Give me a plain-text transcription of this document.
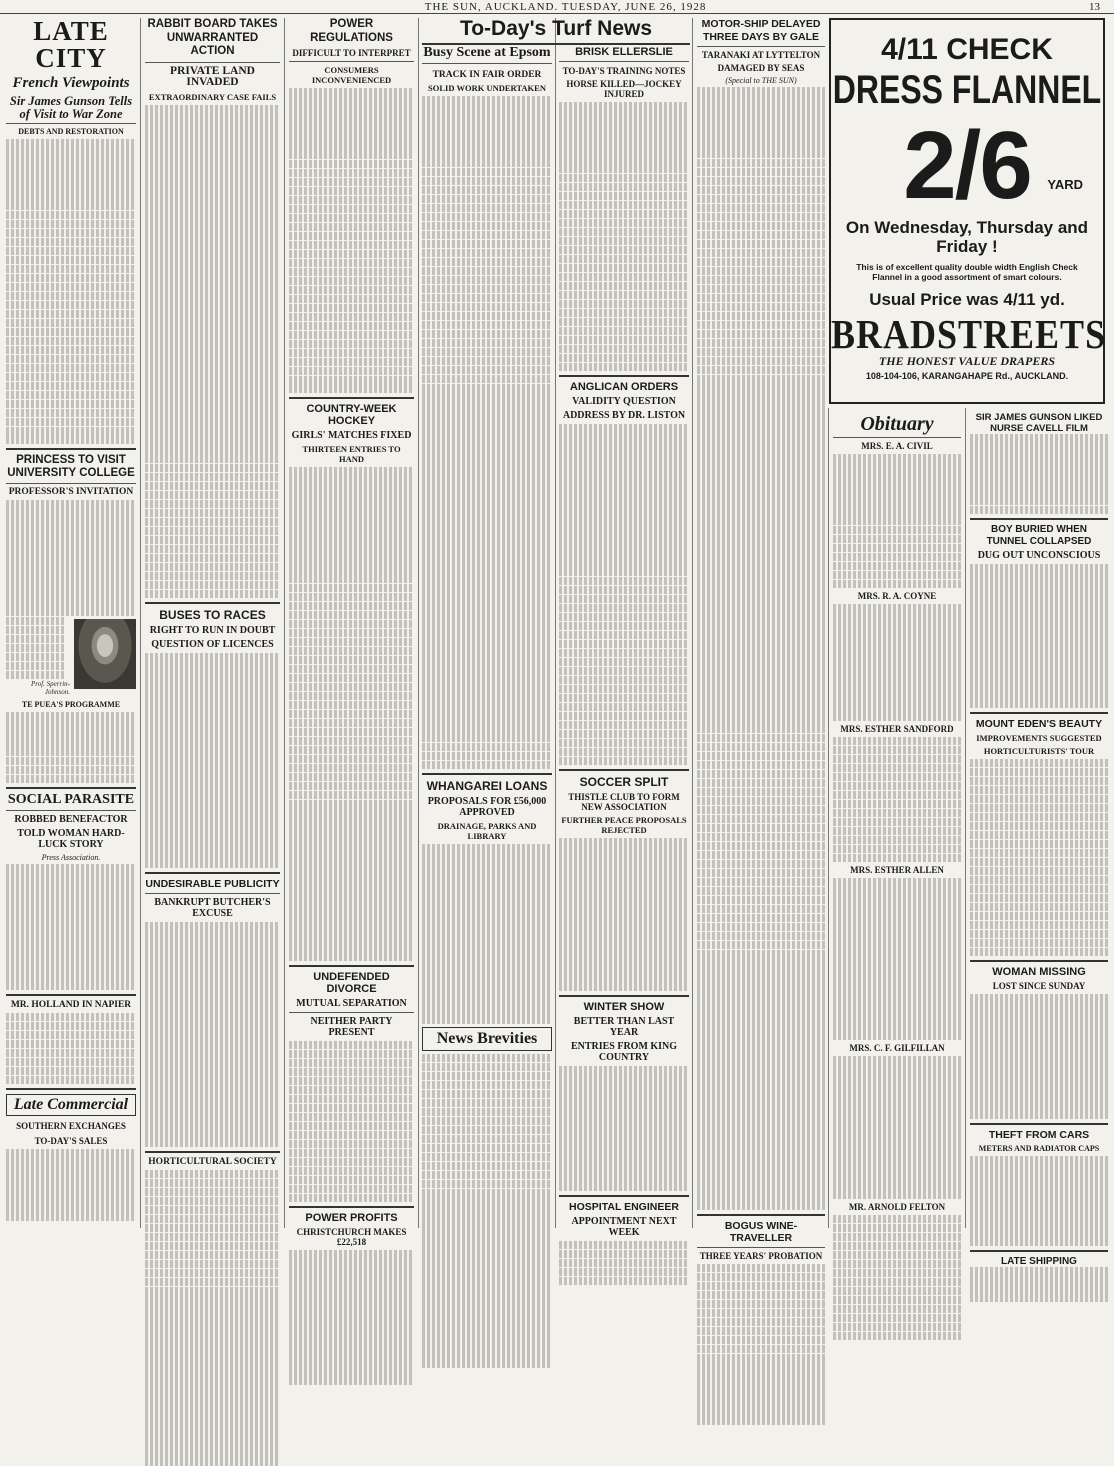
THE SUN, AUCKLAND. TUESDAY, JUNE 26, 1928	13
LATE CITY
French Viewpoints
Sir James Gunson Tells of Visit to War Zone
DEBTS AND RESTORATION
PRINCESS TO VISIT UNIVERSITY COLLEGE
PROFESSOR'S INVITATION
Prof. Sperrin-Johnson.
TE PUEA'S PROGRAMME
SOCIAL PARASITE
ROBBED BENEFACTOR
TOLD WOMAN HARD-LUCK STORY
Press Association.
MR. HOLLAND IN NAPIER
Late Commercial
SOUTHERN EXCHANGES
TO-DAY'S SALES
RABBIT BOARD TAKES UNWARRANTED ACTION
PRIVATE LAND INVADED
EXTRAORDINARY CASE FAILS
BUSES TO RACES
RIGHT TO RUN IN DOUBT
QUESTION OF LICENCES
UNDESIRABLE PUBLICITY
BANKRUPT BUTCHER'S EXCUSE
HORTICULTURAL SOCIETY
POWER REGULATIONS
DIFFICULT TO INTERPRET
CONSUMERS INCONVENIENCED
COUNTRY-WEEK HOCKEY
GIRLS' MATCHES FIXED
THIRTEEN ENTRIES TO HAND
UNDEFENDED DIVORCE
MUTUAL SEPARATION
NEITHER PARTY PRESENT
POWER PROFITS
CHRISTCHURCH MAKES £22,518
To-Day's Turf News
Busy Scene at Epsom
TRACK IN FAIR ORDER
SOLID WORK UNDERTAKEN
WHANGAREI LOANS
PROPOSALS FOR £56,000 APPROVED
DRAINAGE, PARKS AND LIBRARY
News Brevities
BRISK ELLERSLIE
TO-DAY'S TRAINING NOTES
HORSE KILLED—JOCKEY INJURED
ANGLICAN ORDERS
VALIDITY QUESTION
ADDRESS BY DR. LISTON
SOCCER SPLIT
THISTLE CLUB TO FORM NEW ASSOCIATION
FURTHER PEACE PROPOSALS REJECTED
WINTER SHOW
BETTER THAN LAST YEAR
ENTRIES FROM KING COUNTRY
HOSPITAL ENGINEER
APPOINTMENT NEXT WEEK
MOTOR-SHIP DELAYED THREE DAYS BY GALE
TARANAKI AT LYTTELTON
DAMAGED BY SEAS
(Special to THE SUN)
BOGUS WINE-TRAVELLER
THREE YEARS' PROBATION
4/11 CHECK
DRESS FLANNEL
2/6	YARD
On Wednesday, Thursday and Friday !
This is of excellent quality double width English Check Flannel in a good assortment of smart colours.
Usual Price was 4/11 yd.
BRADSTREETS
THE HONEST VALUE DRAPERS
108-104-106, KARANGAHAPE Rd., AUCKLAND.
Obituary
MRS. E. A. CIVIL
MRS. R. A. COYNE
MRS. ESTHER SANDFORD
MRS. ESTHER ALLEN
MRS. C. F. GILFILLAN
MR. ARNOLD FELTON
SIR JAMES GUNSON LIKED NURSE CAVELL FILM
BOY BURIED WHEN TUNNEL COLLAPSED
DUG OUT UNCONSCIOUS
MOUNT EDEN'S BEAUTY
IMPROVEMENTS SUGGESTED
HORTICULTURISTS' TOUR
WOMAN MISSING
LOST SINCE SUNDAY
THEFT FROM CARS
METERS AND RADIATOR CAPS
LATE SHIPPING
